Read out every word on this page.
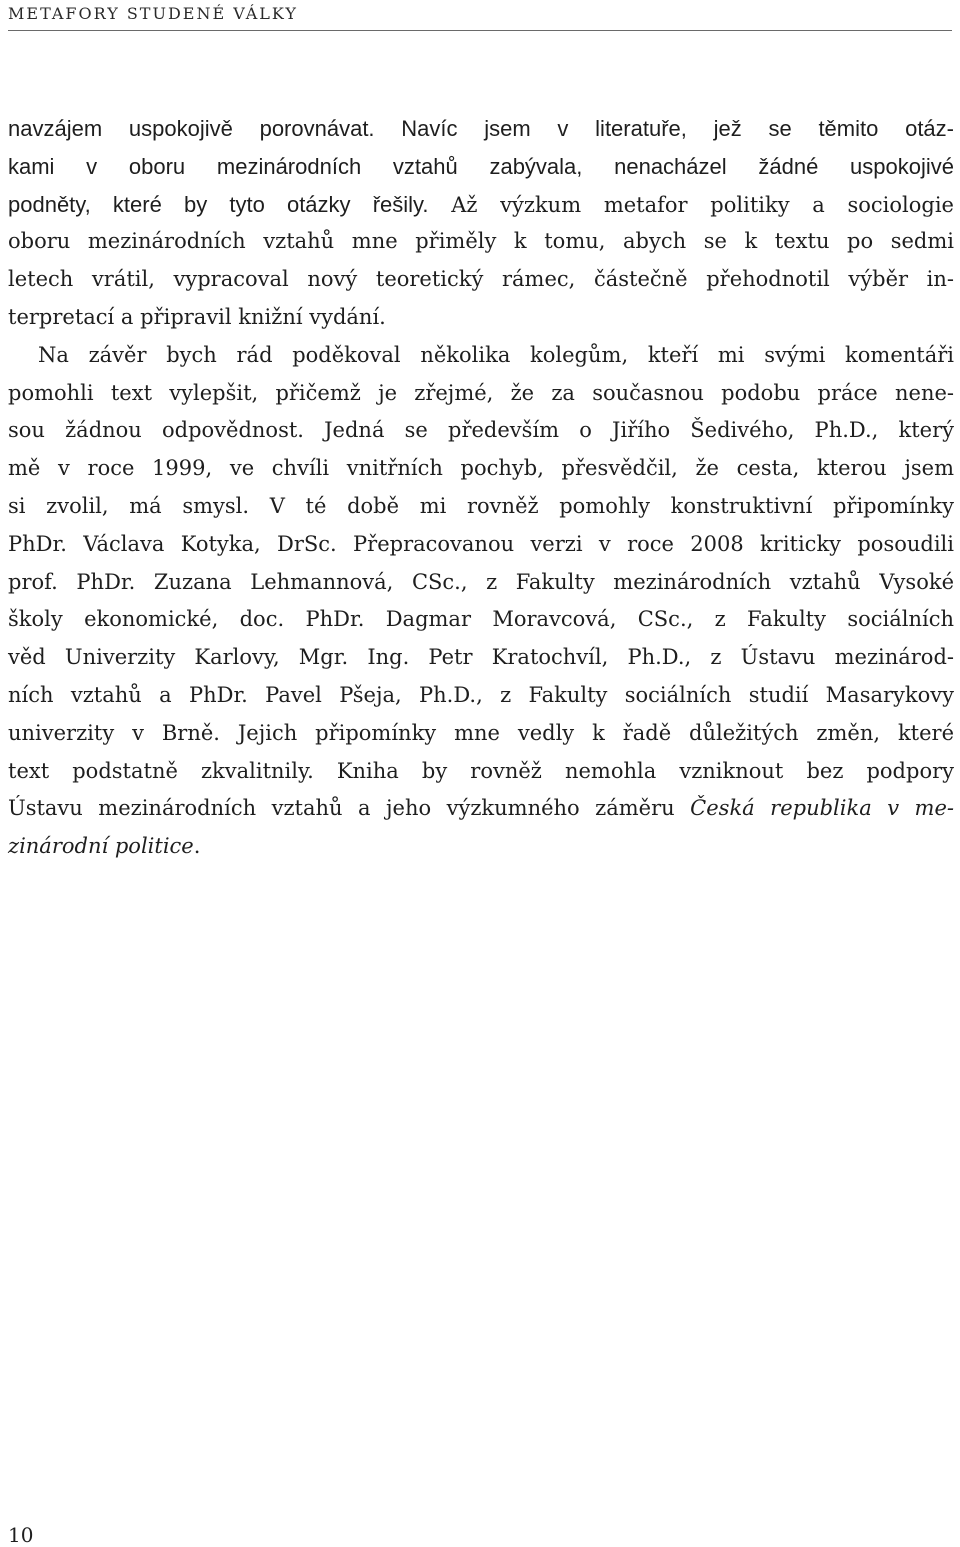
METAFORY STUDENÉ VÁLKY
navzájem uspokojivě porovnávat. Navíc jsem v literatuře, jež se těmito otáz-
kami v oboru mezinárodních vztahů zabývala, nenacházel žádné uspokojivé
podněty, které by tyto otázky řešily. Až výzkum metafor politiky a sociologie
oboru mezinárodních vztahů mne přiměly k tomu, abych se k textu po sedmi
letech vrátil, vypracoval nový teoretický rámec, částečně přehodnotil výběr in-
terpretací a připravil knižní vydání.
Na závěr bych rád poděkoval několika kolegům, kteří mi svými komentáři
pomohli text vylepšit, přičemž je zřejmé, že za současnou podobu práce nene-
sou žádnou odpovědnost. Jedná se především o Jiřího Šedivého, Ph.D., který
mě v roce 1999, ve chvíli vnitřních pochyb, přesvědčil, že cesta, kterou jsem
si zvolil, má smysl. V té době mi rovněž pomohly konstruktivní připomínky
PhDr. Václava Kotyka, DrSc. Přepracovanou verzi v roce 2008 kriticky posoudili
prof. PhDr. Zuzana Lehmannová, CSc., z Fakulty mezinárodních vztahů Vysoké
školy ekonomické, doc. PhDr. Dagmar Moravcová, CSc., z Fakulty sociálních
věd Univerzity Karlovy, Mgr. Ing. Petr Kratochvíl, Ph.D., z Ústavu mezinárod-
ních vztahů a PhDr. Pavel Pšeja, Ph.D., z Fakulty sociálních studií Masarykovy
univerzity v Brně. Jejich připomínky mne vedly k řadě důležitých změn, které
text podstatně zkvalitnily. Kniha by rovněž nemohla vzniknout bez podpory
Ústavu mezinárodních vztahů a jeho výzkumného záměru Česká republika v me-
zinárodní politice.
10
